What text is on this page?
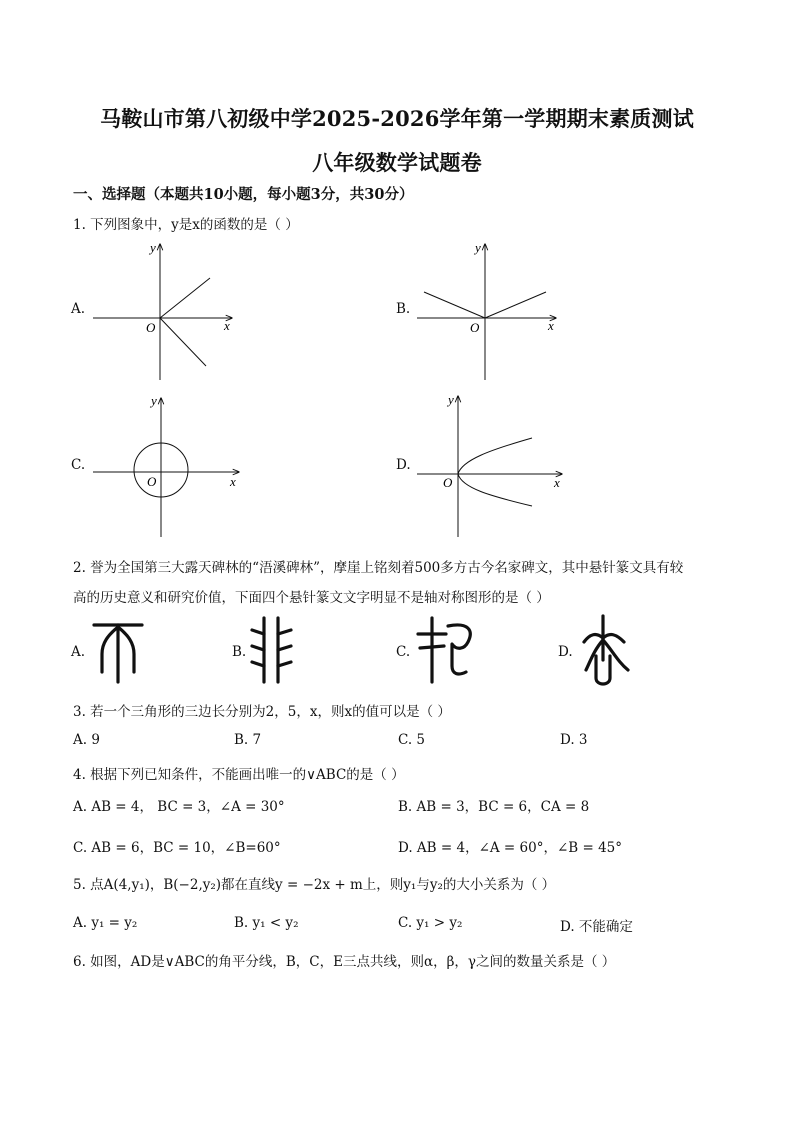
马鞍山市第八初级中学2025-2026学年第一学期期末素质测试
八年级数学试题卷
一、选择题（本题共10小题，每小题3分，共30分）
1. 下列图象中，y是x的函数的是（ ）
A.	B.
C.	D.
y
x
O
y
x
O
y
x
O
y
x
O
2. 誉为全国第三大露天碑林的“浯溪碑林”，摩崖上铭刻着500多方古今名家碑文，其中悬针篆文具有较
高的历史意义和研究价值，下面四个悬针篆文文字明显不是轴对称图形的是（ ）
A.	B.	C.	D.
3. 若一个三角形的三边长分别为2，5，x，则x的值可以是（ ）
A. 9	B. 7	C. 5	D. 3
4. 根据下列已知条件，不能画出唯一的∨ABC的是（ ）
A. AB = 4， BC = 3，∠A = 30°	B. AB = 3，BC = 6，CA = 8
C. AB = 6，BC = 10，∠B=60°	D. AB = 4，∠A = 60°，∠B = 45°
5. 点A(4,y₁)，B(−2,y₂)都在直线y = −2x + m上，则y₁与y₂的大小关系为（ ）
A. y₁ = y₂	B. y₁ < y₂	C. y₁ > y₂	D. 不能确定
6. 如图，AD是∨ABC的角平分线，B，C，E三点共线，则α，β，γ之间的数量关系是（ ）
